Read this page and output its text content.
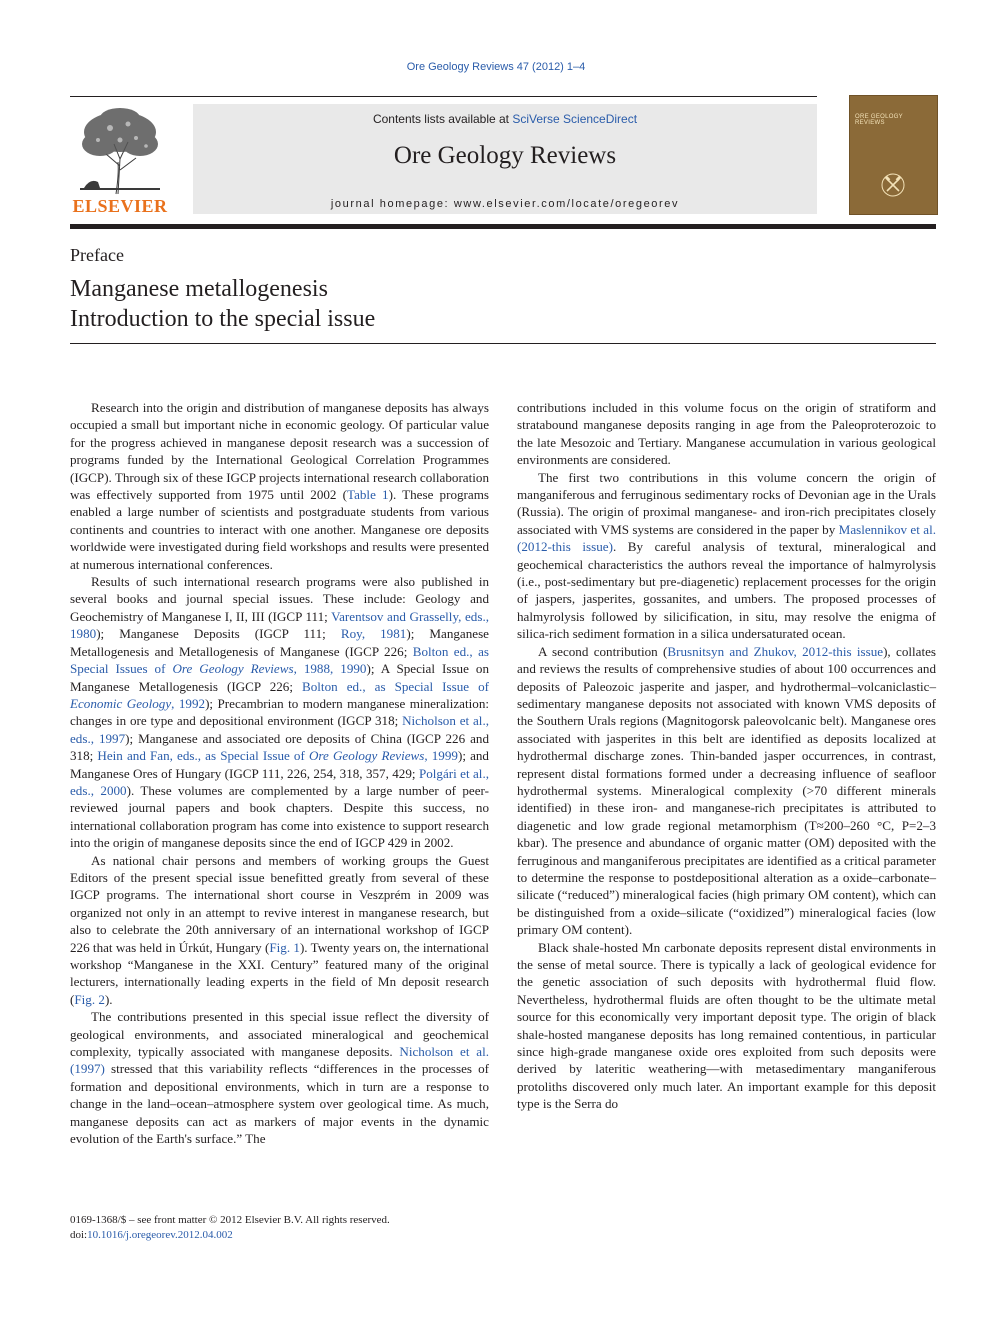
Ore Geology Reviews 47 (2012) 1–4
ELSEVIER
Contents lists available at SciVerse ScienceDirect
Ore Geology Reviews
journal homepage: www.elsevier.com/locate/oregeorev
ORE GEOLOGY REVIEWS
Preface
Manganese metallogenesis
Introduction to the special issue

Research into the origin and distribution of manganese deposits has always occupied a small but important niche in economic geology. Of particular value for the progress achieved in manganese deposit research was a succession of programs funded by the International Geological Correlation Programmes (IGCP). Through six of these IGCP projects international research collaboration was effectively supported from 1975 until 2002 (Table 1). These programs enabled a large number of scientists and postgraduate students from various continents and countries to interact with one another. Manganese ore deposits worldwide were investigated during field workshops and results were presented at numerous international conferences.

Results of such international research programs were also published in several books and journal special issues. These include: Geology and Geochemistry of Manganese I, II, III (IGCP 111; Varentsov and Grasselly, eds., 1980); Manganese Deposits (IGCP 111; Roy, 1981); Manganese Metallogenesis and Metallogenesis of Manganese (IGCP 226; Bolton ed., as Special Issues of Ore Geology Reviews, 1988, 1990); A Special Issue on Manganese Metallogenesis (IGCP 226; Bolton ed., as Special Issue of Economic Geology, 1992); Precambrian to modern manganese mineralization: changes in ore type and depositional environment (IGCP 318; Nicholson et al., eds., 1997); Manganese and associated ore deposits of China (IGCP 226 and 318; Hein and Fan, eds., as Special Issue of Ore Geology Reviews, 1999); and Manganese Ores of Hungary (IGCP 111, 226, 254, 318, 357, 429; Polgári et al., eds., 2000). These volumes are complemented by a large number of peer-reviewed journal papers and book chapters. Despite this success, no international collaboration program has come into existence to support research into the origin of manganese deposits since the end of IGCP 429 in 2002.

As national chair persons and members of working groups the Guest Editors of the present special issue benefitted greatly from several of these IGCP programs. The international short course in Veszprém in 2009 was organized not only in an attempt to revive interest in manganese research, but also to celebrate the 20th anniversary of an international workshop of IGCP 226 that was held in Úrkút, Hungary (Fig. 1). Twenty years on, the international workshop “Manganese in the XXI. Century” featured many of the original lecturers, internationally leading experts in the field of Mn deposit research (Fig. 2).

The contributions presented in this special issue reflect the diversity of geological environments, and associated mineralogical and geochemical complexity, typically associated with manganese deposits. Nicholson et al. (1997) stressed that this variability reflects “differences in the processes of formation and depositional environments, which in turn are a response to change in the land–ocean–atmosphere system over geological time. As much, manganese deposits can act as markers of major events in the dynamic evolution of the Earth's surface.” The

contributions included in this volume focus on the origin of stratiform and stratabound manganese deposits ranging in age from the Paleoproterozoic to the late Mesozoic and Tertiary. Manganese accumulation in various geological environments are considered.

The first two contributions in this volume concern the origin of manganiferous and ferruginous sedimentary rocks of Devonian age in the Urals (Russia). The origin of proximal manganese- and iron-rich precipitates closely associated with VMS systems are considered in the paper by Maslennikov et al. (2012-this issue). By careful analysis of textural, mineralogical and geochemical characteristics the authors reveal the importance of halmyrolysis (i.e., post-sedimentary but pre-diagenetic) replacement processes for the origin of jaspers, jasperites, gossanites, and umbers. The proposed processes of halmyrolysis followed by silicification, in situ, may resolve the enigma of silica-rich sediment formation in a silica undersaturated ocean.

A second contribution (Brusnitsyn and Zhukov, 2012-this issue), collates and reviews the results of comprehensive studies of about 100 occurrences and deposits of Paleozoic jasperite and jasper, and hydrothermal–volcaniclastic–sedimentary manganese deposits not associated with known VMS deposits of the Southern Urals regions (Magnitogorsk paleovolcanic belt). Manganese ores associated with jasperites in this belt are identified as deposits localized at hydrothermal discharge zones. Thin-banded jasper occurrences, in contrast, represent distal formations formed under a decreasing influence of seafloor hydrothermal systems. Mineralogical complexity (>70 different minerals identified) in these iron- and manganese-rich precipitates is attributed to diagenetic and low grade regional metamorphism (T≈200–260 °C, P=2–3 kbar). The presence and abundance of organic matter (OM) deposited with the ferruginous and manganiferous precipitates are identified as a critical parameter to determine the response to postdepositional alteration as a oxide–carbonate–silicate (“reduced”) mineralogical facies (high primary OM content), which can be distinguished from a oxide–silicate (“oxidized”) mineralogical facies (low primary OM content).

Black shale-hosted Mn carbonate deposits represent distal environments in the sense of metal source. There is typically a lack of geological evidence for the genetic association of such deposits with hydrothermal fluid flow. Nevertheless, hydrothermal fluids are often thought to be the ultimate metal source for this economically very important deposit type. The origin of black shale-hosted manganese deposits has long remained contentious, in particular since high-grade manganese oxide ores exploited from such deposits were derived by lateritic weathering—with metasedimentary manganiferous protoliths discovered only much later. An important example for this deposit type is the Serra do

0169-1368/$ – see front matter © 2012 Elsevier B.V. All rights reserved.
doi:10.1016/j.oregeorev.2012.04.002
